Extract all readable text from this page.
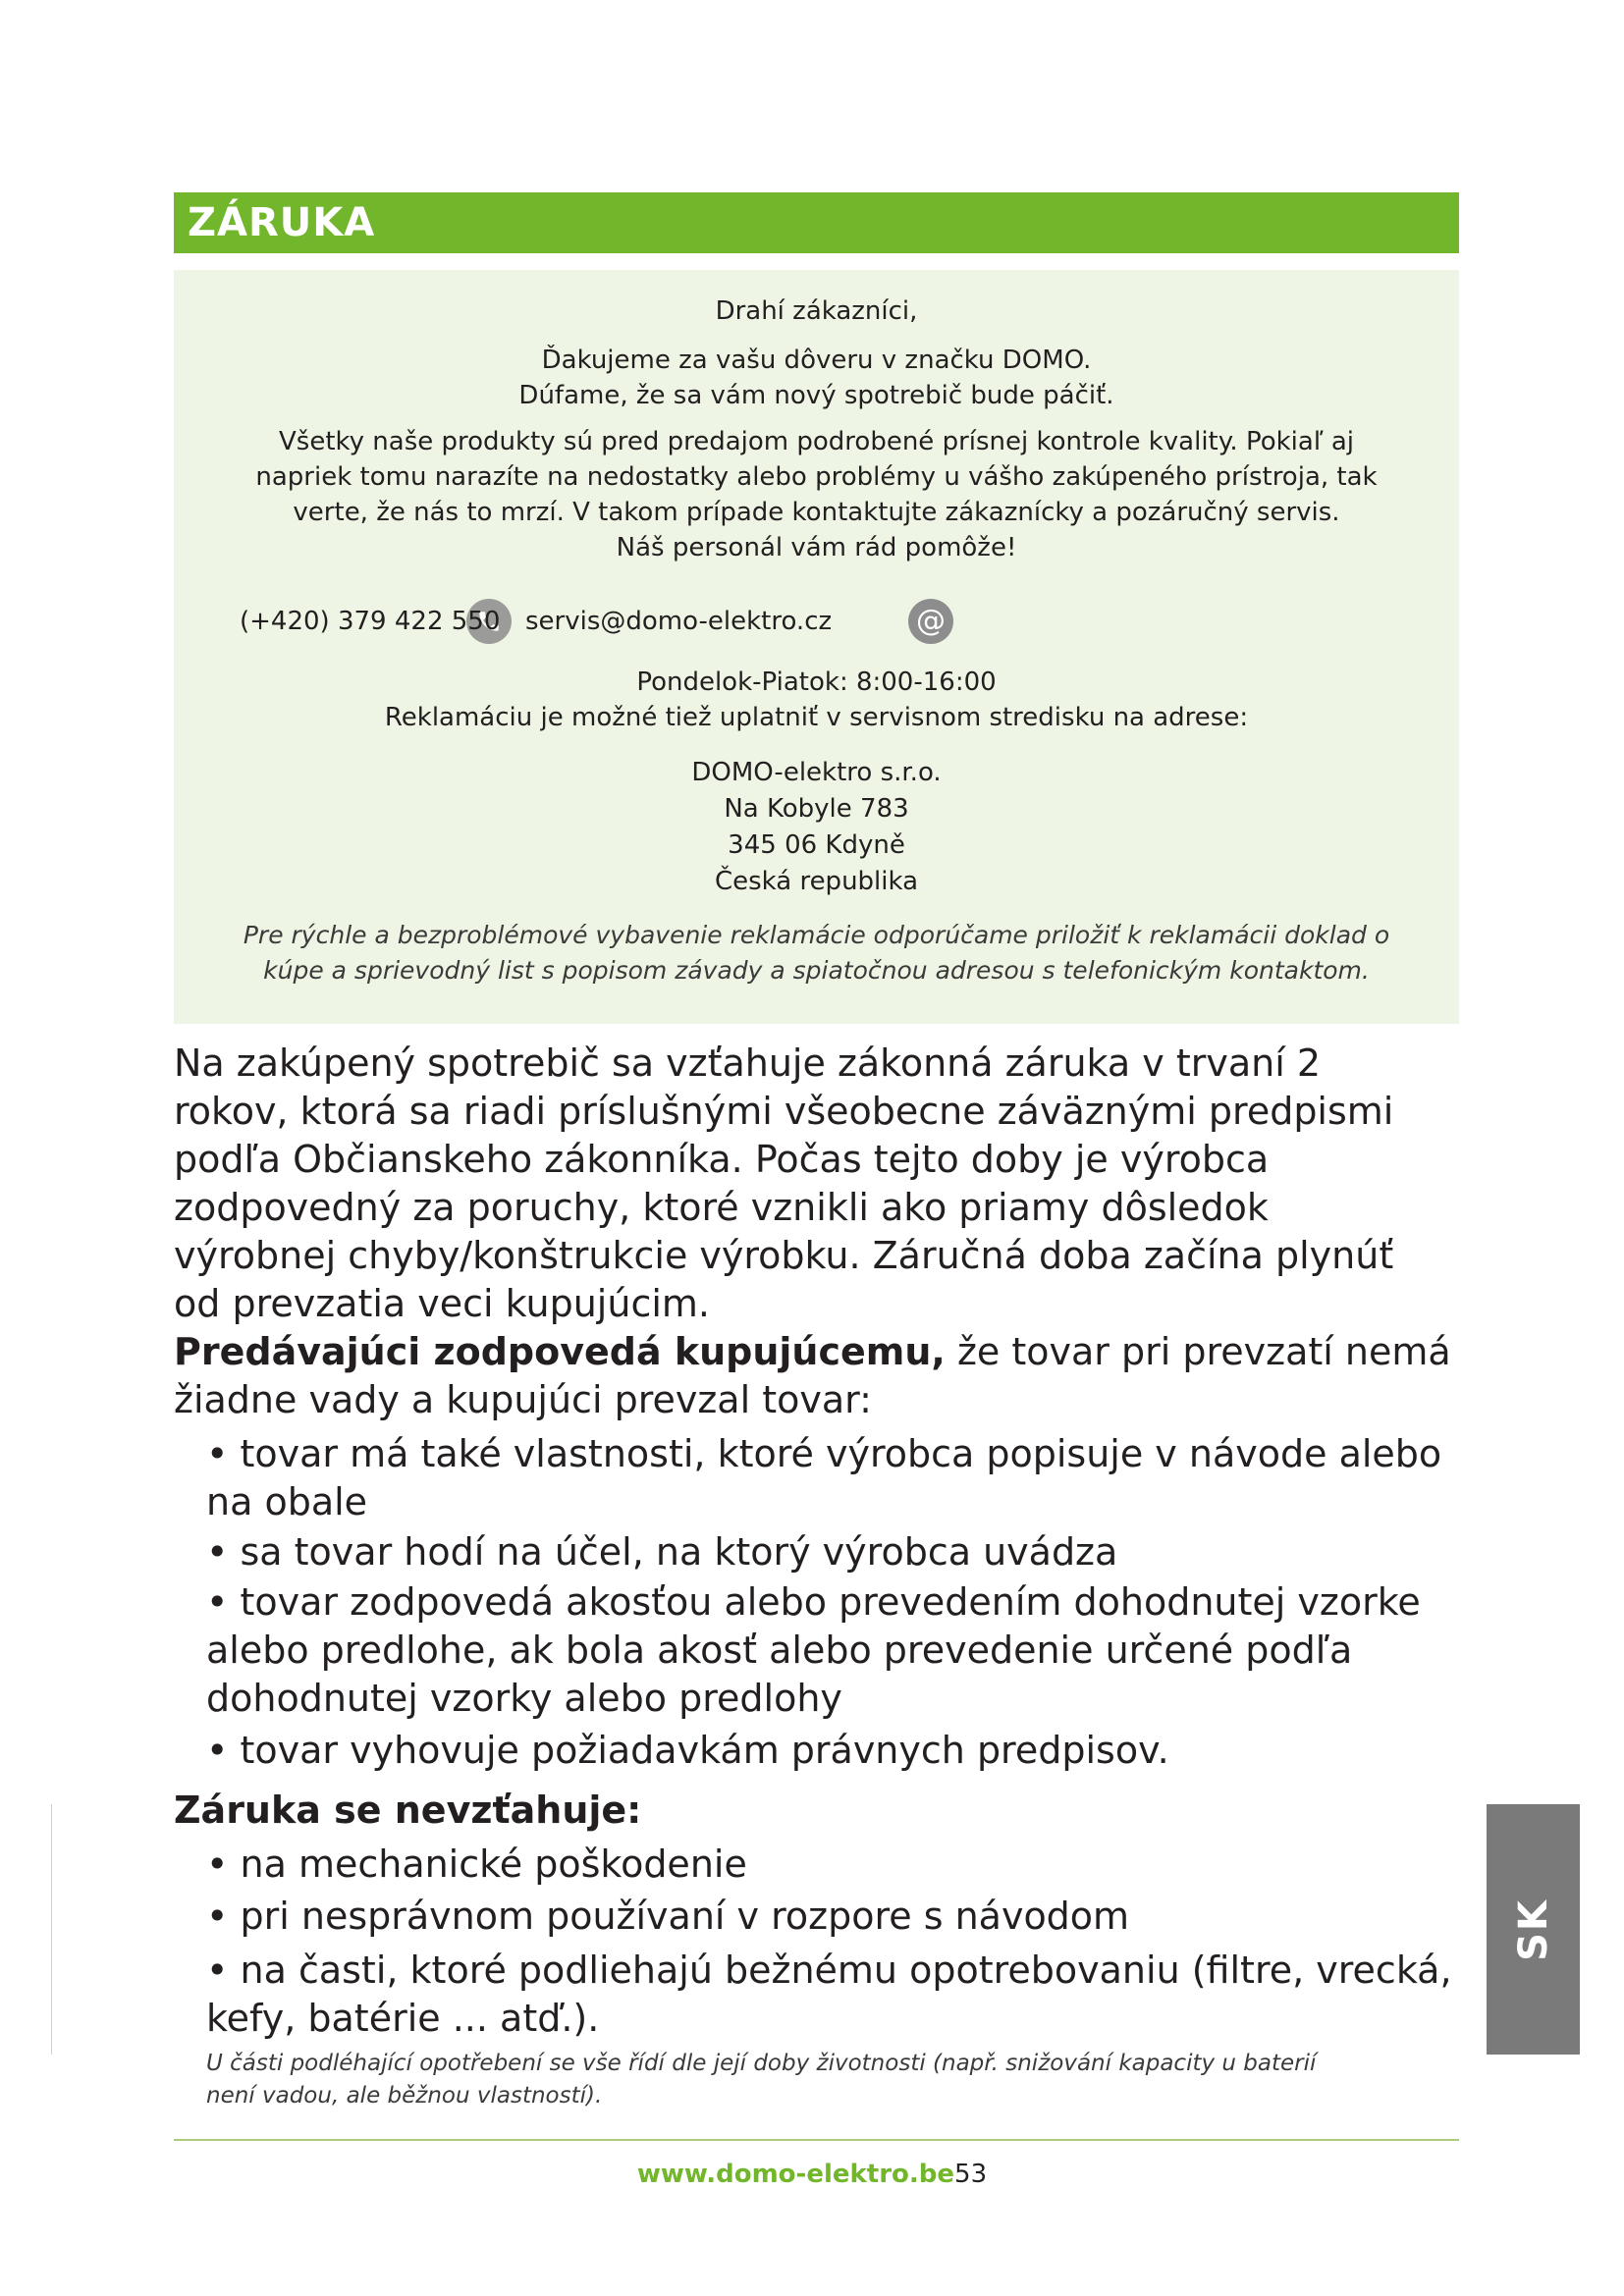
ZÁRUKA
Drahí zákazníci,
Ďakujeme za vašu dôveru v značku DOMO.
Dúfame, že sa vám nový spotrebič bude páčiť.
Všetky naše produkty sú pred predajom podrobené prísnej kontrole kvality. Pokiaľ aj
napriek tomu narazíte na nedostatky alebo problémy u vášho zakúpeného prístroja, tak
verte, že nás to mrzí. V takom prípade kontaktujte zákaznícky a pozáručný servis.
Náš personál vám rád pomôže!
(+420) 379 422 550 servis@domo-elektro.cz	@
Pondelok-Piatok: 8:00-16:00
Reklamáciu je možné tiež uplatniť v servisnom stredisku na adrese:
DOMO-elektro s.r.o.
Na Kobyle 783
345 06 Kdyně
Česká republika
Pre rýchle a bezproblémové vybavenie reklamácie odporúčame priložiť k reklamácii doklad o
kúpe a sprievodný list s popisom závady a spiatočnou adresou s telefonickým kontaktom.
Na zakúpený spotrebič sa vzťahuje zákonná záruka v trvaní 2
rokov, ktorá sa riadi príslušnými všeobecne záväznými predpismi
podľa Občianskeho zákonníka. Počas tejto doby je výrobca
zodpovedný za poruchy, ktoré vznikli ako priamy dôsledok
výrobnej chyby/konštrukcie výrobku. Záručná doba začína plynúť
od prevzatia veci kupujúcim.
Predávajúci zodpovedá kupujúcemu, že tovar pri prevzatí nemá
žiadne vady a kupujúci prevzal tovar:
• tovar má také vlastnosti, ktoré výrobca popisuje v návode alebo
na obale
• sa tovar hodí na účel, na ktorý výrobca uvádza
• tovar zodpovedá akosťou alebo prevedením dohodnutej vzorke
alebo predlohe, ak bola akosť alebo prevedenie určené podľa
dohodnutej vzorky alebo predlohy
• tovar vyhovuje požiadavkám právnych predpisov.
Záruka se nevzťahuje:
• na mechanické poškodenie
• pri nesprávnom používaní v rozpore s návodom
• na časti, ktoré podliehajú bežnému opotrebovaniu (filtre, vrecká,
kefy, batérie ... atď.).
U části podléhající opotřebení se vše řídí dle její doby životnosti (např. snižování kapacity u baterií
není vadou, ale běžnou vlastností).
www.domo-elektro.be53
SK
